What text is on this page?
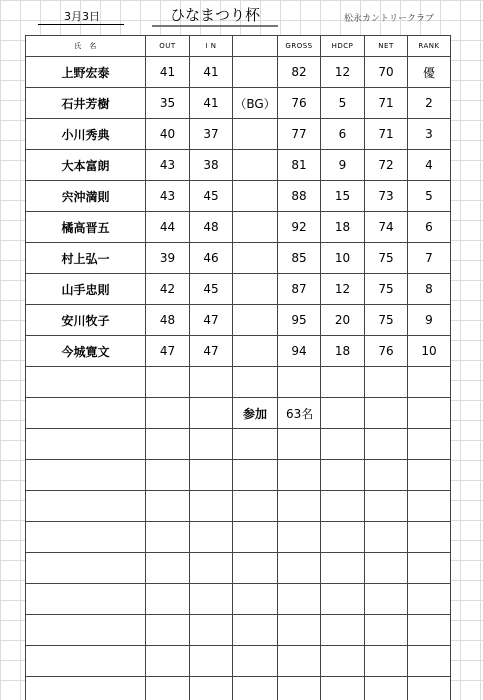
3月3日	ひなまつり杯	松永カントリークラブ
氏　名	OUT	I N		GROSS	HDCP	NET	RANK
上野宏泰	41	41		82	12	70	優
石井芳樹	35	41	（BG）	76	5	71	2
小川秀典	40	37		77	6	71	3
大本富朗	43	38		81	9	72	4
宍沖満則	43	45		88	15	73	5
橘高晋五	44	48		92	18	74	6
村上弘一	39	46		85	10	75	7
山手忠則	42	45		87	12	75	8
安川牧子	48	47		95	20	75	9
今城寛文	47	47		94	18	76	10

			参加	63名			
